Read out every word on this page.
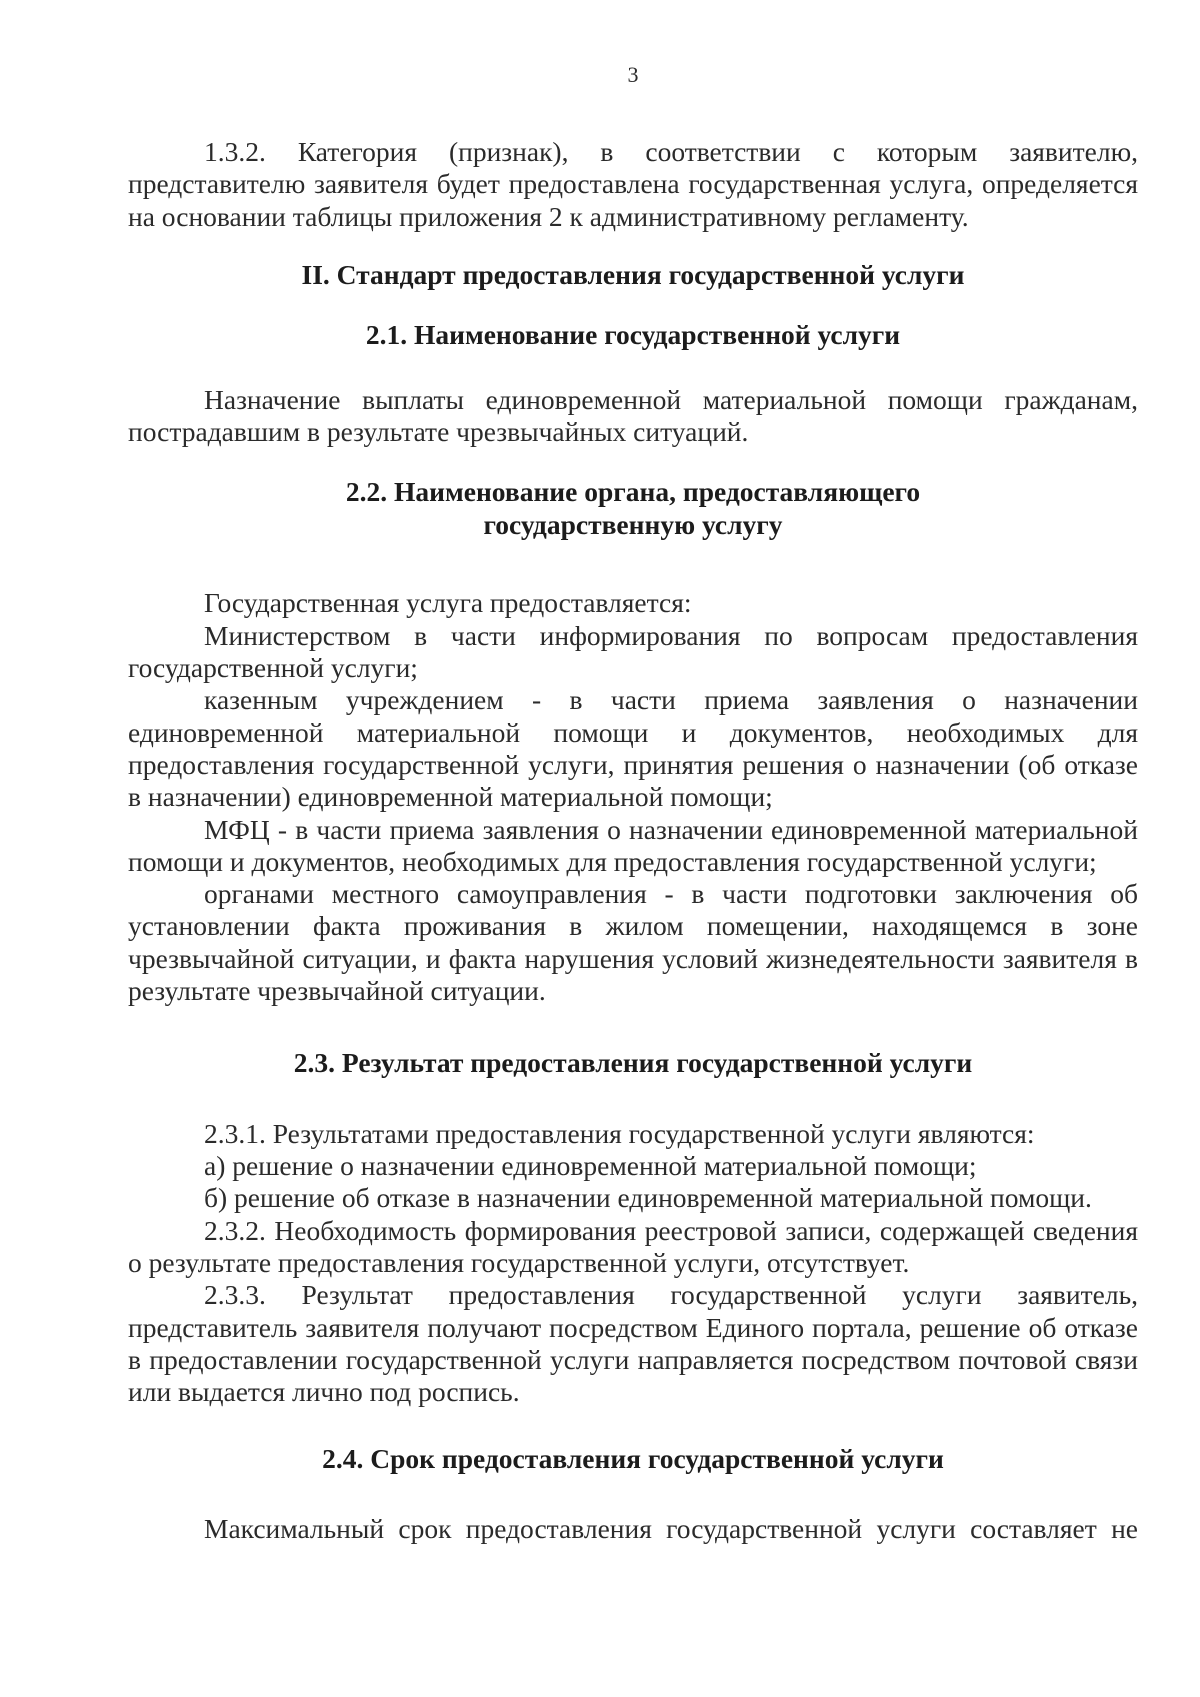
3

1.3.2. Категория (признак), в соответствии с которым заявителю, представителю заявителя будет предоставлена государственная услуга, определяется на основании таблицы приложения 2 к административному регламенту.

II. Стандарт предоставления государственной услуги
2.1. Наименование государственной услуги

Назначение выплаты единовременной материальной помощи гражданам, пострадавшим в результате чрезвычайных ситуаций.

2.2. Наименование органа, предоставляющего
государственную услугу

Государственная услуга предоставляется:

Министерством в части информирования по вопросам предоставления государственной услуги;

казенным учреждением - в части приема заявления о назначении единовременной материальной помощи и документов, необходимых для предоставления государственной услуги, принятия решения о назначении (об отказе в назначении) единовременной материальной помощи;

МФЦ - в части приема заявления о назначении единовременной материальной помощи и документов, необходимых для предоставления государственной услуги;

органами местного самоуправления - в части подготовки заключения об установлении факта проживания в жилом помещении, находящемся в зоне чрезвычайной ситуации, и факта нарушения условий жизнедеятельности заявителя в результате чрезвычайной ситуации.

2.3. Результат предоставления государственной услуги

2.3.1. Результатами предоставления государственной услуги являются:

а) решение о назначении единовременной материальной помощи;

б) решение об отказе в назначении единовременной материальной помощи.

2.3.2. Необходимость формирования реестровой записи, содержащей сведения о результате предоставления государственной услуги, отсутствует.

2.3.3. Результат предоставления государственной услуги заявитель, представитель заявителя получают посредством Единого портала, решение об отказе в предоставлении государственной услуги направляется посредством почтовой связи или выдается лично под роспись.

2.4. Срок предоставления государственной услуги

Максимальный срок предоставления государственной услуги составляет не
